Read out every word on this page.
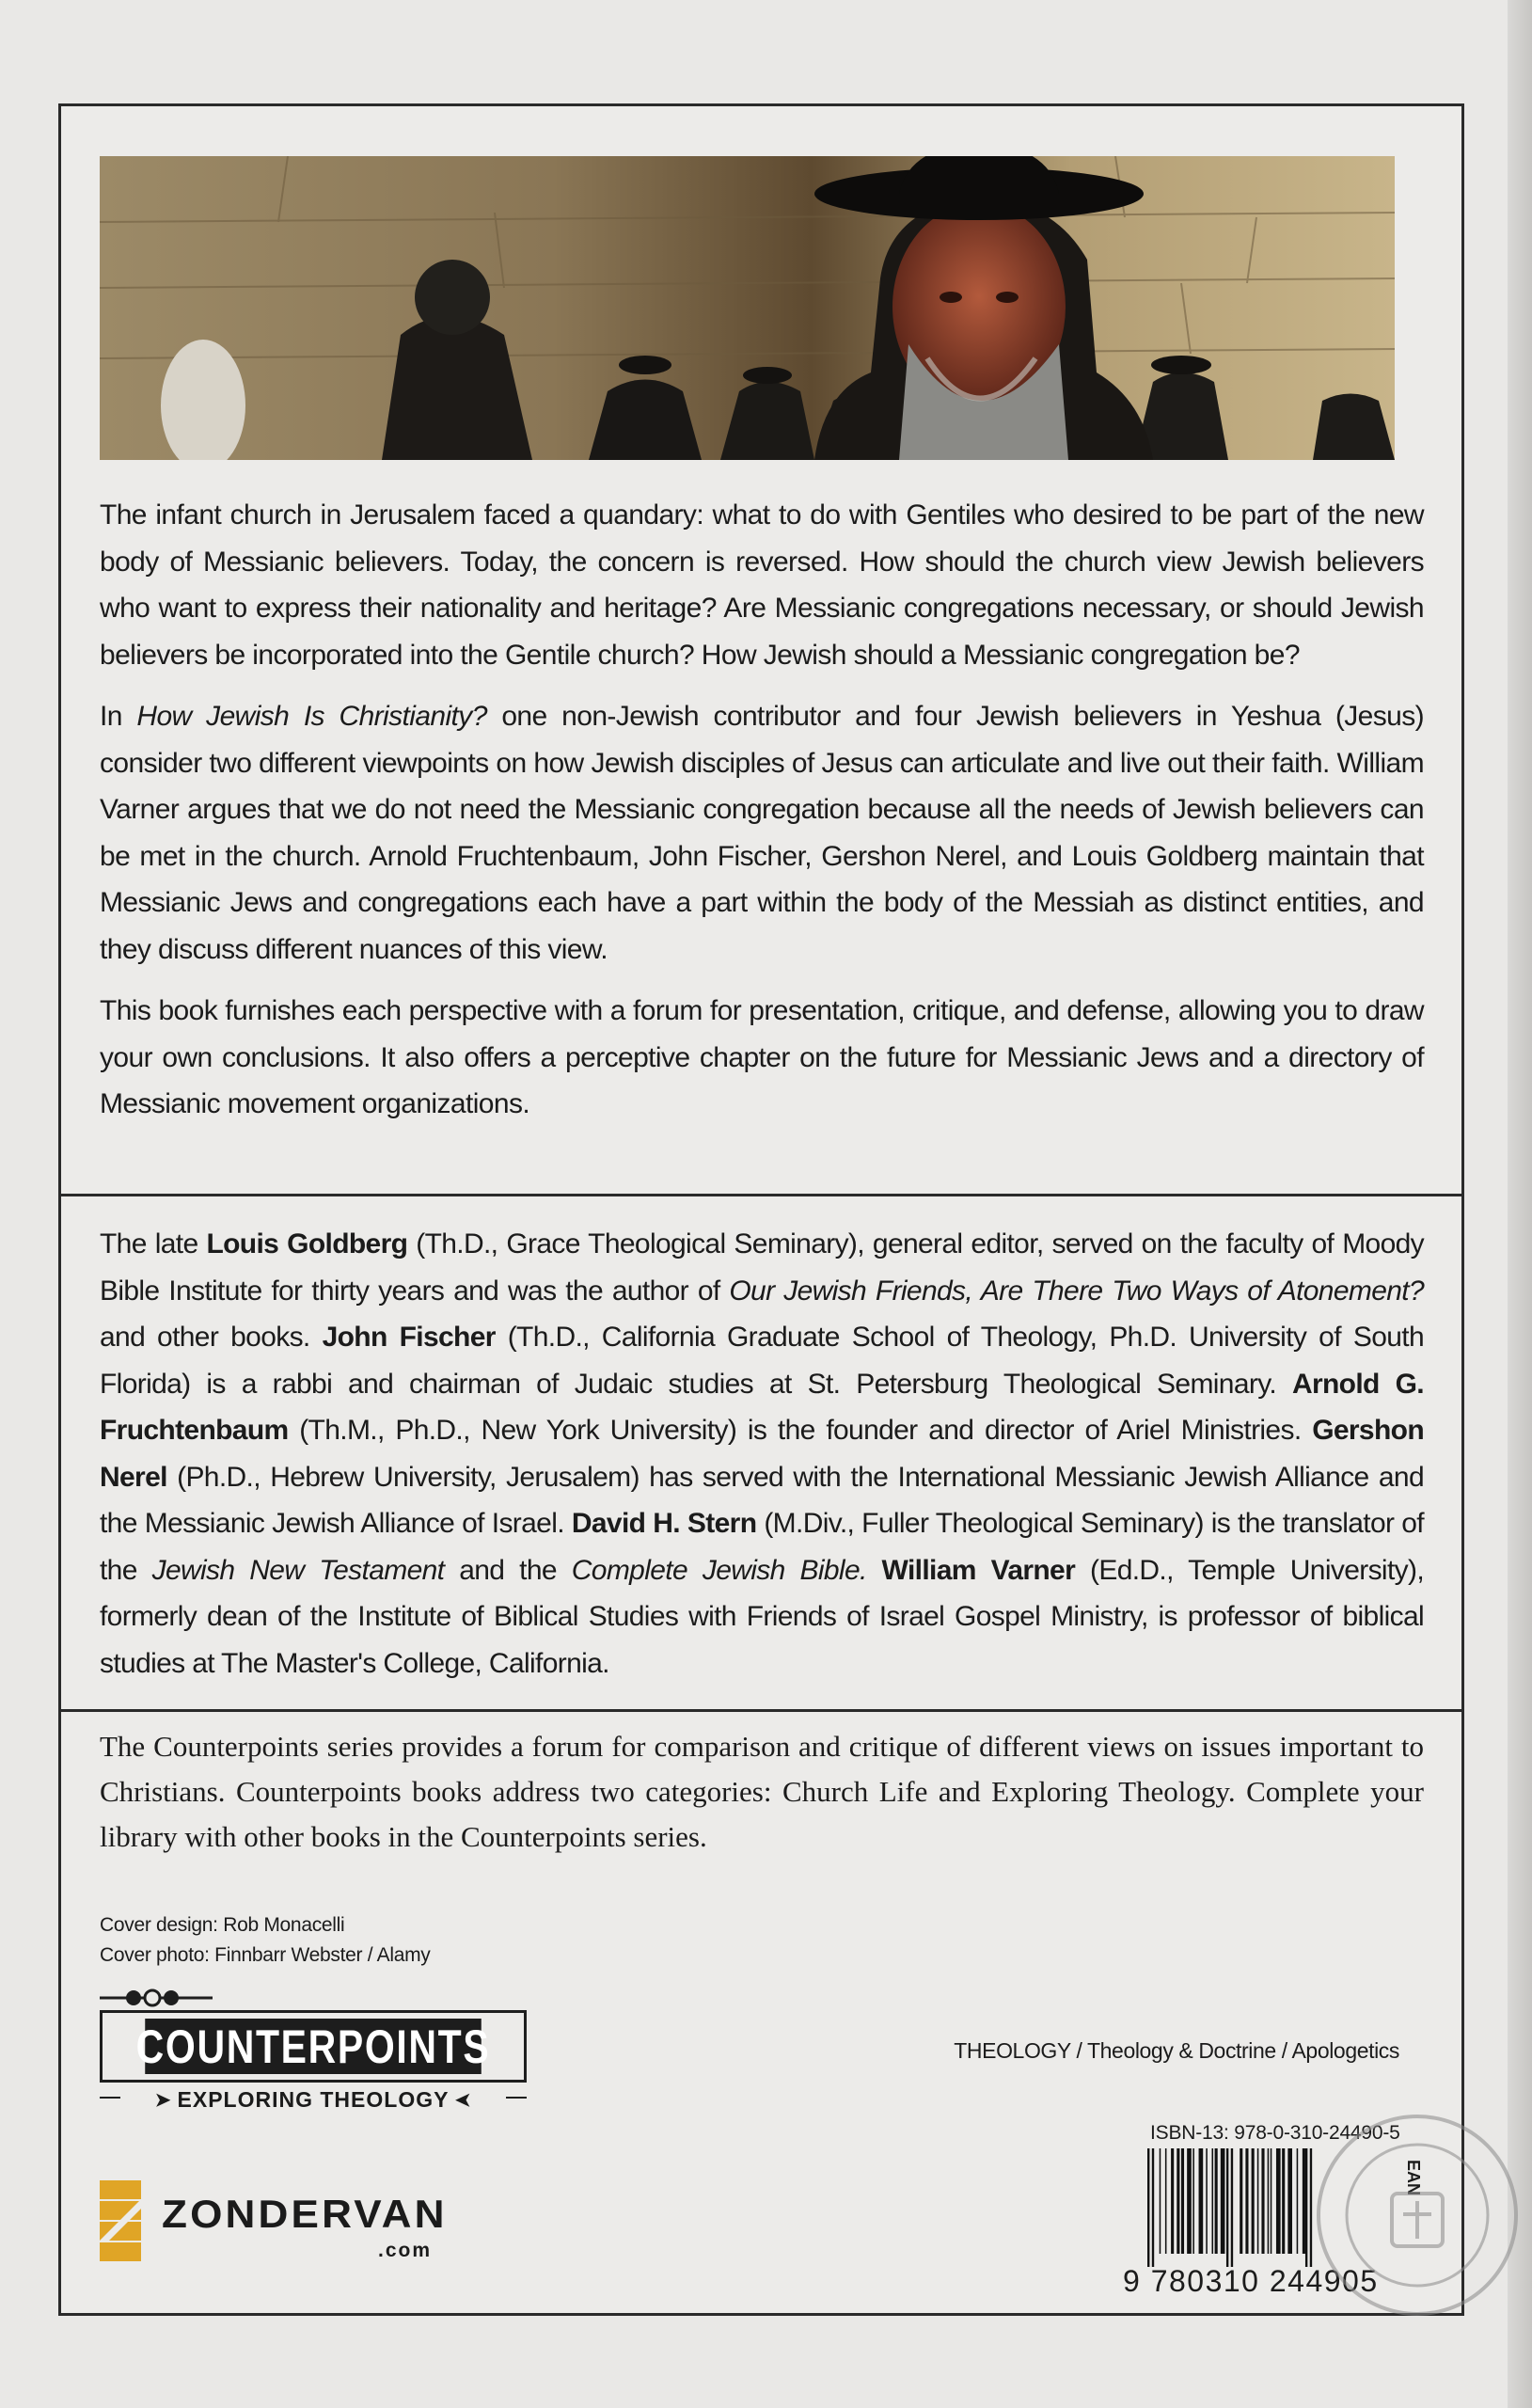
The infant church in Jerusalem faced a quandary: what to do with Gentiles who desired to be part of the new body of Messianic believers. Today, the concern is reversed. How should the church view Jewish believers who want to express their nationality and heritage? Are Messianic congregations necessary, or should Jewish believers be incorporated into the Gentile church? How Jewish should a Messianic congregation be?

In How Jewish Is Christianity? one non-Jewish contributor and four Jewish believers in Yeshua (Jesus) consider two different viewpoints on how Jewish disciples of Jesus can articulate and live out their faith. William Varner argues that we do not need the Messianic congregation because all the needs of Jewish believers can be met in the church. Arnold Fruchtenbaum, John Fischer, Gershon Nerel, and Louis Goldberg maintain that Messianic Jews and congregations each have a part within the body of the Messiah as distinct entities, and they discuss different nuances of this view.

This book furnishes each perspective with a forum for presentation, critique, and defense, allowing you to draw your own conclusions. It also offers a perceptive chapter on the future for Messianic Jews and a directory of Messianic movement organizations.

The late Louis Goldberg (Th.D., Grace Theological Seminary), general editor, served on the faculty of Moody Bible Institute for thirty years and was the author of Our Jewish Friends, Are There Two Ways of Atonement? and other books. John Fischer (Th.D., California Graduate School of Theology, Ph.D. University of South Florida) is a rabbi and chairman of Judaic studies at St. Petersburg Theological Seminary. Arnold G. Fruchtenbaum (Th.M., Ph.D., New York University) is the founder and director of Ariel Ministries. Gershon Nerel (Ph.D., Hebrew University, Jerusalem) has served with the International Messianic Jewish Alliance and the Messianic Jewish Alliance of Israel. David H. Stern (M.Div., Fuller Theological Seminary) is the translator of the Jewish New Testament and the Complete Jewish Bible. William Varner (Ed.D., Temple University), formerly dean of the Institute of Biblical Studies with Friends of Israel Gospel Ministry, is professor of biblical studies at The Master's College, California.

The Counterpoints series provides a forum for comparison and critique of different views on issues important to Christians. Counterpoints books address two categories: Church Life and Exploring Theology. Complete your library with other books in the Counterpoints series.

Cover design: Rob Monacelli
Cover photo: Finnbarr Webster / Alamy
COUNTERPOINTS
➤ EXPLORING THEOLOGY ➤
ZONDERVAN
.com
THEOLOGY / Theology & Doctrine / Apologetics
ISBN-13: 978-0-310-24490-5
EAN
9 780310 244905
